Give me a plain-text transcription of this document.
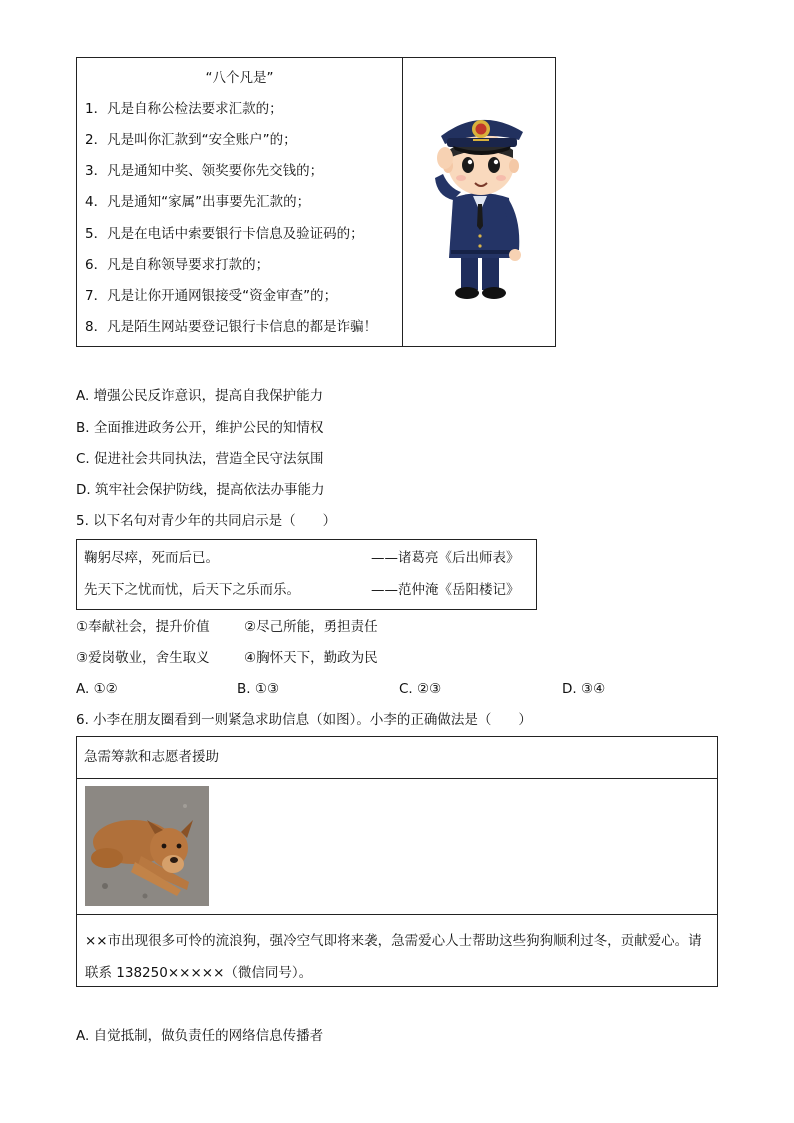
“八个凡是”
1．凡是自称公检法要求汇款的；
2．凡是叫你汇款到“安全账户”的；
3．凡是通知中奖、领奖要你先交钱的；
4．凡是通知“家属”出事要先汇款的；
5．凡是在电话中索要银行卡信息及验证码的；
6．凡是自称领导要求打款的；
7．凡是让你开通网银接受“资金审查”的；
8．凡是陌生网站要登记银行卡信息的都是诈骗！
A. 增强公民反诈意识，提高自我保护能力
B. 全面推进政务公开，维护公民的知情权
C. 促进社会共同执法，营造全民守法氛围
D. 筑牢社会保护防线，提高依法办事能力
5. 以下名句对青少年的共同启示是（　　）
鞠躬尽瘁，死而后已。	——诸葛亮《后出师表》
先天下之忧而忧，后天下之乐而乐。	——范仲淹《岳阳楼记》
①奉献社会，提升价值	②尽己所能，勇担责任
③爱岗敬业，舍生取义	④胸怀天下，勤政为民
A. ①②	B. ①③	C. ②③	D. ③④
6. 小李在朋友圈看到一则紧急求助信息（如图）。小李的正确做法是（　　）
急需筹款和志愿者援助
××市出现很多可怜的流浪狗，强冷空气即将来袭，急需爱心人士帮助这些狗狗顺利过冬，贡献爱心。请联系 138250×××××（微信同号）。
A. 自觉抵制，做负责任的网络信息传播者
